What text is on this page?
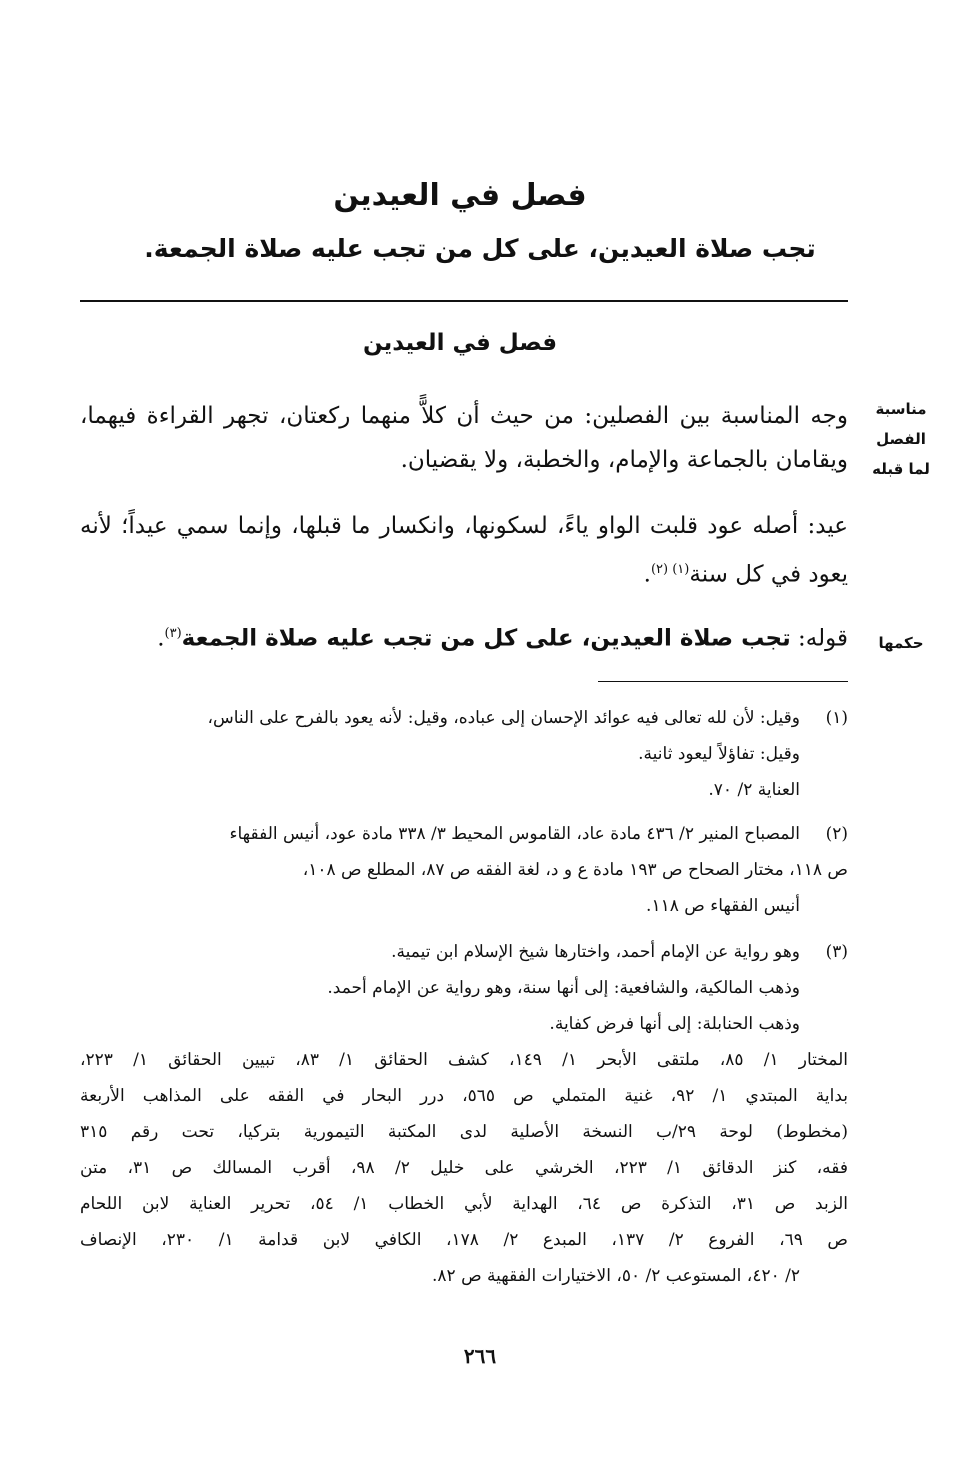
فصل في العيدين
تجب صلاة العيدين، على كل من تجب عليه صلاة الجمعة.
فصل في العيدين
مناسبة
الفصل
لما قبله
وجه المناسبة بين الفصلين: من حيث أن كلاًّ منهما ركعتان، تجهر القراءة فيهما، ويقامان بالجماعة والإمام، والخطبة، ولا يقضيان.
عيد: أصله عود قلبت الواو ياءً، لسكونها، وانكسار ما قبلها، وإنما سمي عيداً؛ لأنه يعود في كل سنة$^{(١) (٢)}$.
حكمها
قوله: تجب صلاة العيدين، على كل من تجب عليه صلاة الجمعة$^{(٣)}$.
(١)
وقيل: لأن لله تعالى فيه عوائد الإحسان إلى عباده، وقيل: لأنه يعود بالفرح على الناس،
وقيل: تفاؤلاً ليعود ثانية.
العناية ٢/ ٧٠.
(٢)
المصباح المنير ٢/ ٤٣٦ مادة عاد، القاموس المحيط ٣/ ٣٣٨ مادة عود، أنيس الفقهاء
ص ١١٨، مختار الصحاح ص ١٩٣ مادة ع و د، لغة الفقه ص ٨٧، المطلع ص ١٠٨،
أنيس الفقهاء ص ١١٨.
(٣)
وهو رواية عن الإمام أحمد، واختارها شيخ الإسلام ابن تيمية.
وذهب المالكية، والشافعية: إلى أنها سنة، وهو رواية عن الإمام أحمد.
وذهب الحنابلة: إلى أنها فرض كفاية.
المختار ١/ ٨٥، ملتقى الأبحر ١/ ١٤٩، كشف الحقائق ١/ ٨٣، تبيين الحقائق ١/ ٢٢٣،
بداية المبتدي ١/ ٩٢، غنية المتملي ص ٥٦٥، درر البحار في الفقه على المذاهب الأربعة
(مخطوط) لوحة ٢٩/ب النسخة الأصلية لدى المكتبة التيمورية بتركيا، تحت رقم ٣١٥
فقه، كنز الدقائق ١/ ٢٢٣، الخرشي على خليل ٢/ ٩٨، أقرب المسالك ص ٣١، متن
الزبد ص ٣١، التذكرة ص ٦٤، الهداية لأبي الخطاب ١/ ٥٤، تحرير العناية لابن اللحام
ص ٦٩، الفروع ٢/ ١٣٧، المبدع ٢/ ١٧٨، الكافي لابن قدامة ١/ ٢٣٠، الإنصاف
٢/ ٤٢٠، المستوعب ٢/ ٥٠، الاختيارات الفقهية ص ٨٢.
٢٦٦
